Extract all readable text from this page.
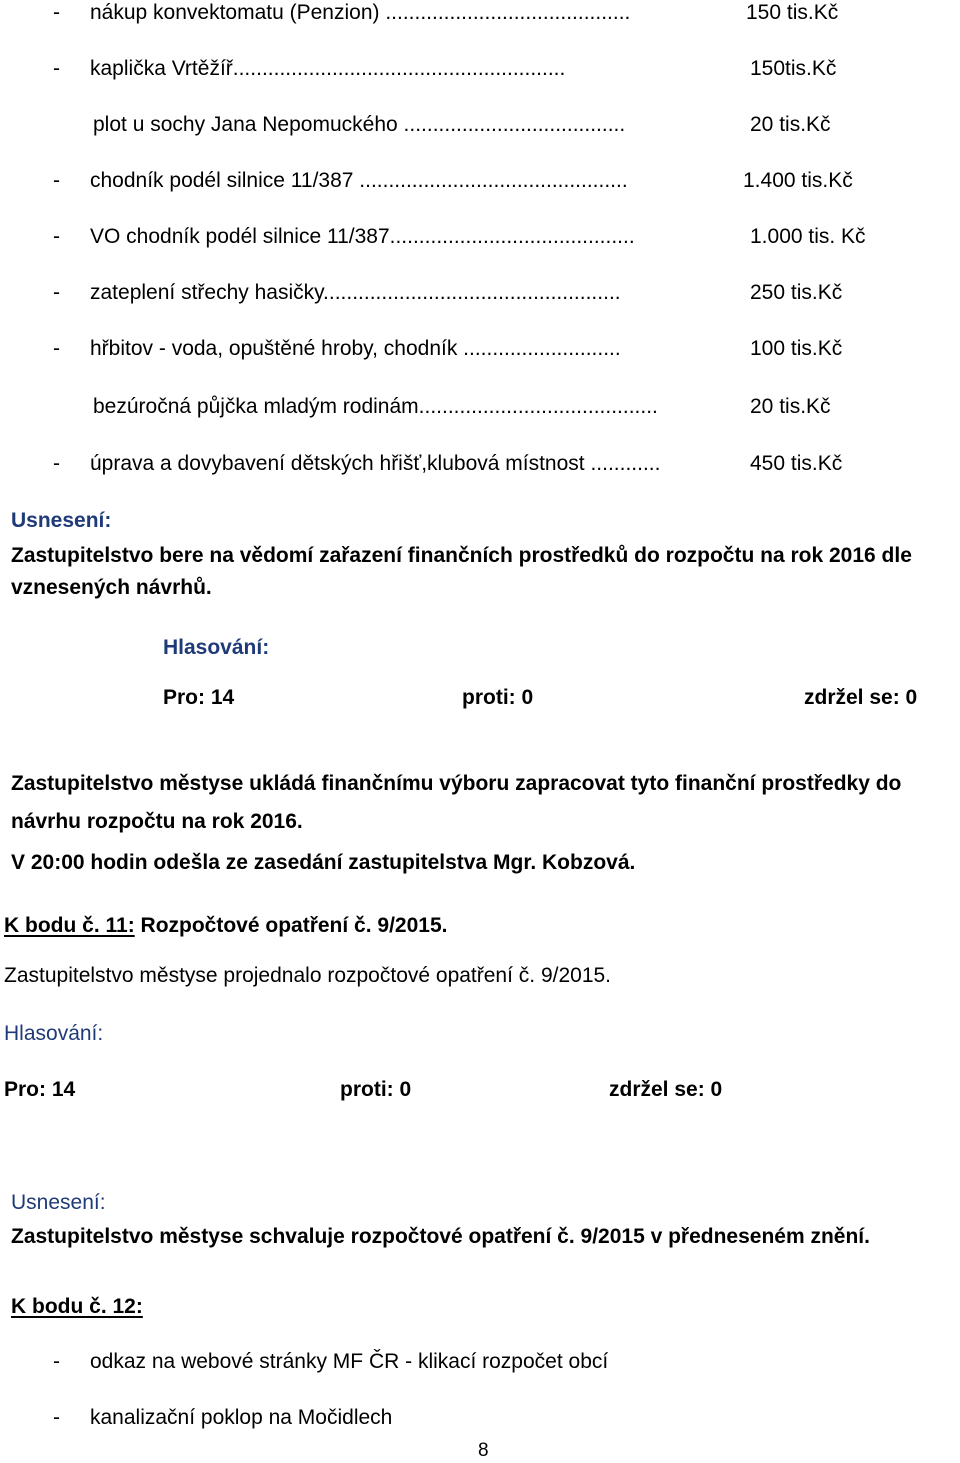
- nákup konvektomatu (Penzion) ..........................................	150 tis.Kč
- kaplička Vrtěžíř.........................................................	150tis.Kč
plot u sochy Jana Nepomuckého ......................................	20 tis.Kč
- chodník podél silnice 11/387 ..............................................	1.400 tis.Kč
- VO chodník podél silnice 11/387..........................................	1.000 tis. Kč
- zateplení střechy hasičky...................................................	250 tis.Kč
- hřbitov - voda, opuštěné hroby, chodník ...........................	100 tis.Kč
bezúročná půjčka mladým rodinám.........................................	20 tis.Kč
- úprava a dovybavení dětských hřišť,klubová místnost ............	450 tis.Kč
Usnesení:
Zastupitelstvo bere na vědomí zařazení finančních prostředků do rozpočtu na rok 2016 dle vznesených návrhů.
Hlasování:
Pro: 14	proti: 0	zdržel se: 0
Zastupitelstvo městyse ukládá finančnímu výboru zapracovat tyto finanční prostředky do návrhu rozpočtu na rok 2016.
V 20:00 hodin odešla ze zasedání zastupitelstva Mgr. Kobzová.
K bodu č. 11: Rozpočtové opatření č. 9/2015.
Zastupitelstvo městyse projednalo rozpočtové opatření č. 9/2015.
Hlasování:
Pro: 14	proti: 0	zdržel se: 0
Usnesení:
Zastupitelstvo městyse schvaluje rozpočtové opatření č. 9/2015 v předneseném znění.
K bodu č. 12:
- odkaz na webové stránky MF ČR - klikací rozpočet obcí
- kanalizační poklop na Močidlech
8
